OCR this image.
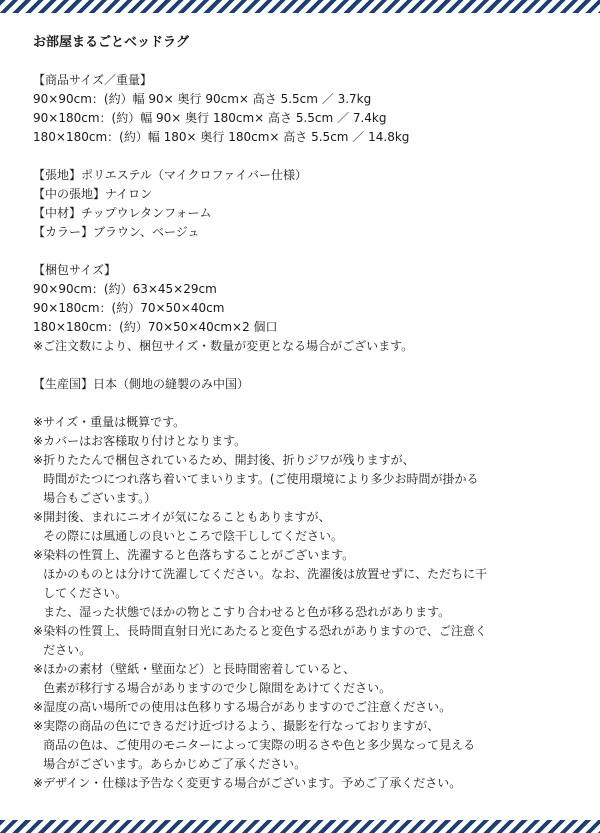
お部屋まるごとベッドラグ
【商品サイズ／重量】
90×90cm：(約）幅 90× 奥行 90cm× 高さ 5.5cm ／ 3.7kg
90×180cm：(約）幅 90× 奥行 180cm× 高さ 5.5cm ／ 7.4kg
180×180cm：(約）幅 180× 奥行 180cm× 高さ 5.5cm ／ 14.8kg
【張地】ポリエステル（マイクロファイバー仕様）
【中の張地】ナイロン
【中材】チップウレタンフォーム
【カラー】ブラウン、ベージュ
【梱包サイズ】
90×90cm：(約）63×45×29cm
90×180cm：(約）70×50×40cm
180×180cm：(約）70×50×40cm×2 個口
※ご注文数により、梱包サイズ・数量が変更となる場合がございます。
【生産国】日本（側地の縫製のみ中国）
※ サイズ・重量は概算です。
※ カバーはお客様取り付けとなります。
※ 折りたたんで梱包されているため、開封後、折りジワが残りますが、
時間がたつにつれ落ち着いてまいります。(ご使用環境により多少お時間が掛かる
場合もございます。）
※ 開封後、まれにニオイが気になることもありますが、
その際には風通しの良いところで陰干ししてください。
※ 染料の性質上、洗濯すると色落ちすることがございます。
ほかのものとは分けて洗濯してください。なお、洗濯後は放置せずに、ただちに干
してください。
また、湿った状態でほかの物とこすり合わせると色が移る恐れがあります。
※ 染料の性質上、長時間直射日光にあたると変色する恐れがありますので、ご注意く
ださい。
※ ほかの素材（壁紙・壁面など）と長時間密着していると、
色素が移行する場合がありますので少し隙間をあけてください。
※ 湿度の高い場所での使用は色移りする場合がありますのでご注意ください。
※ 実際の商品の色にできるだけ近づけるよう、撮影を行なっておりますが、
商品の色は、ご使用のモニターによって実際の明るさや色と多少異なって見える
場合がございます。あらかじめご了承ください。
※ デザイン・仕様は予告なく変更する場合がございます。予めご了承ください。
